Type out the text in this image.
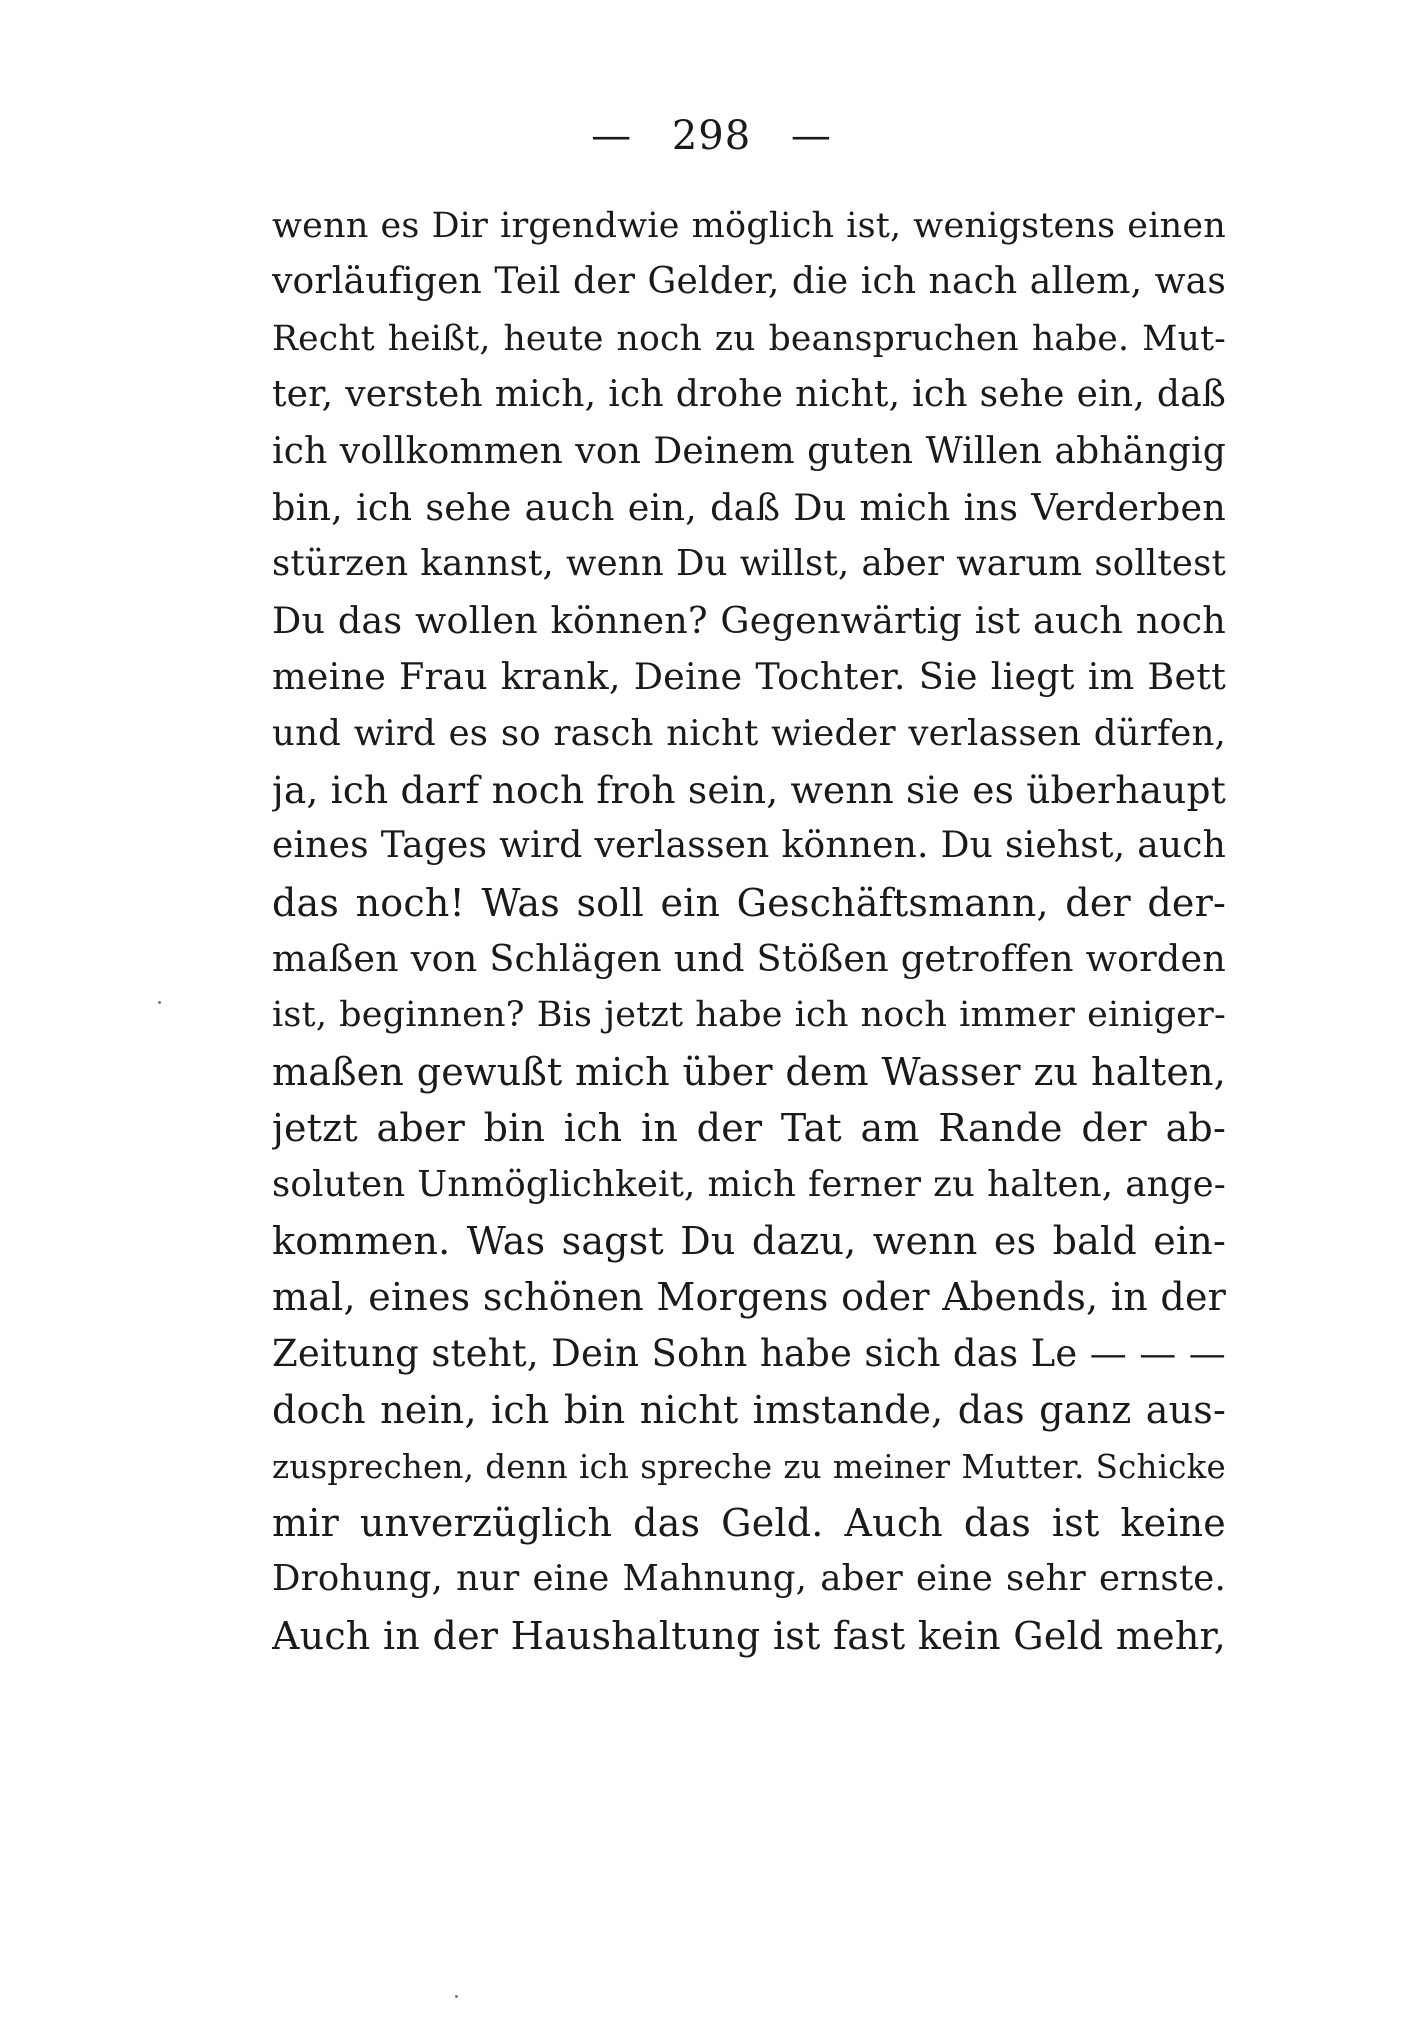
— 298 —
wenn es Dir irgendwie möglich ist, wenigstens einen
vorläufigen Teil der Gelder, die ich nach allem, was
Recht heißt, heute noch zu beanspruchen habe. Mut-
ter, versteh mich, ich drohe nicht, ich sehe ein, daß
ich vollkommen von Deinem guten Willen abhängig
bin, ich sehe auch ein, daß Du mich ins Verderben
stürzen kannst, wenn Du willst, aber warum solltest
Du das wollen können? Gegenwärtig ist auch noch
meine Frau krank, Deine Tochter. Sie liegt im Bett
und wird es so rasch nicht wieder verlassen dürfen,
ja, ich darf noch froh sein, wenn sie es überhaupt
eines Tages wird verlassen können. Du siehst, auch
das noch! Was soll ein Geschäftsmann, der der-
maßen von Schlägen und Stößen getroffen worden
ist, beginnen? Bis jetzt habe ich noch immer einiger-
maßen gewußt mich über dem Wasser zu halten,
jetzt aber bin ich in der Tat am Rande der ab-
soluten Unmöglichkeit, mich ferner zu halten, ange-
kommen. Was sagst Du dazu, wenn es bald ein-
mal, eines schönen Morgens oder Abends, in der
Zeitung steht, Dein Sohn habe sich das Le — — —
doch nein, ich bin nicht imstande, das ganz aus-
zusprechen, denn ich spreche zu meiner Mutter. Schicke
mir unverzüglich das Geld. Auch das ist keine
Drohung, nur eine Mahnung, aber eine sehr ernste.
Auch in der Haushaltung ist fast kein Geld mehr,
